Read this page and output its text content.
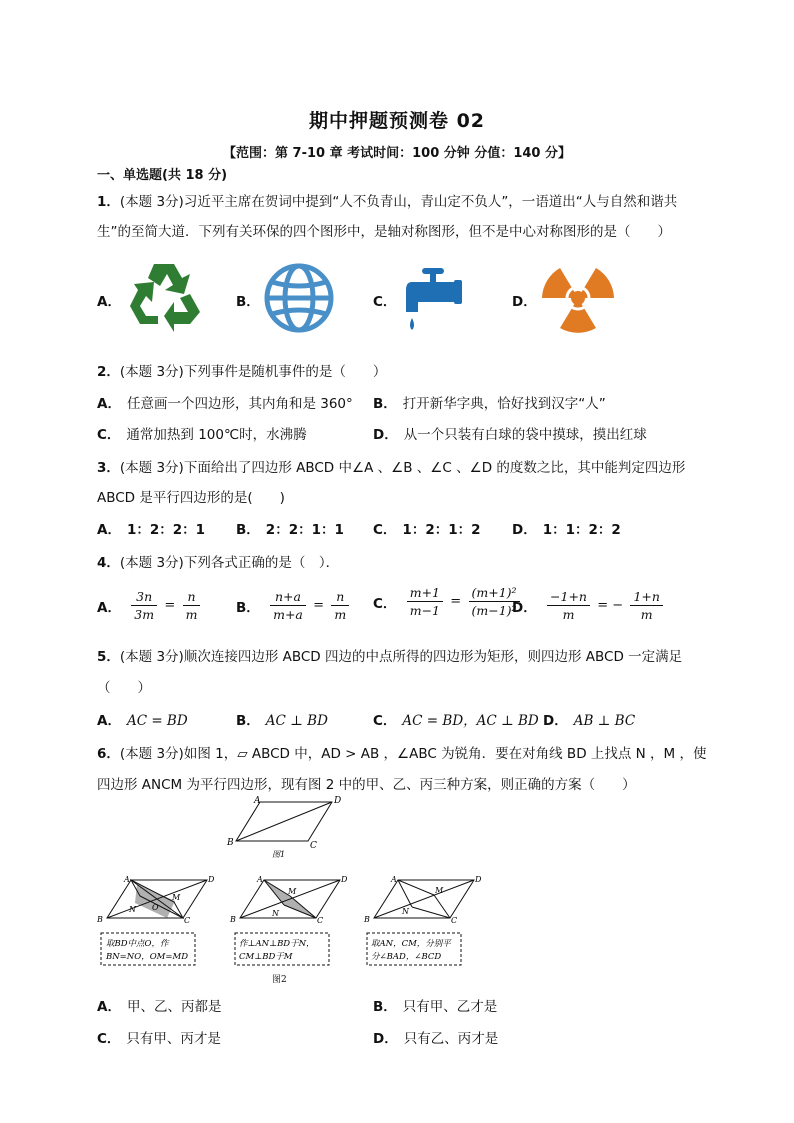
期中押题预测卷 02
【范围：第 7-10 章 考试时间：100 分钟 分值：140 分】
一、单选题(共 18 分)
1．(本题 3分)习近平主席在贺词中提到“人不负青山，青山定不负人”，一语道出“人与自然和谐共
生”的至简大道．下列有关环保的四个图形中，是轴对称图形，但不是中心对称图形的是（　　）
A．	B．	C．	D．
2．(本题 3分)下列事件是随机事件的是（　　）
A． 任意画一个四边形，其内角和是 360° B． 打开新华字典，恰好找到汉字“人”
C． 通常加热到 100℃时，水沸腾	D． 从一个只装有白球的袋中摸球，摸出红球
3．(本题 3分)下面给出了四边形 ABCD 中∠A 、∠B 、∠C 、∠D 的度数之比，其中能判定四边形
ABCD 是平行四边形的是(　　)
A． 1：2：2：1 B． 2：2：1：1 C． 1：2：1：2 D． 1：1：2：2
4．(本题 3分)下列各式正确的是（　）．
A． $\frac{3n}{3m} = \frac{n}{m}$	B． $\frac{n+a}{m+a} = \frac{n}{m}$ C． $\frac{m+1}{m-1} = \frac{\text{(m+1)²}}{\text{(m−1)²}}$
D． $\frac{-1+n}{m}$ = − $\frac{1+n}{m}$
5．(本题 3分)顺次连接四边形 ABCD 四边的中点所得的四边形为矩形，则四边形 ABCD 一定满足
（　　）
A． AC = BD	B． AC ⊥ BD	C． AC = BD，AC ⊥ BD D． AB ⊥ BC
6．(本题 3分)如图 1，▱ ABCD 中，AD > AB ，∠ABC 为锐角．要在对角线 BD 上找点 N ，M ，使
四边形 ANCM 为平行四边形，现有图 2 中的甲、乙、丙三种方案，则正确的方案（　　）
A	D
B	C
图1
A	D
B	C
N
M
O
A	D
B	C
N
M
A	D
B	C
N
M
取BD中点O，作
BN=NO，OM=MD
作⊥AN⊥BD于N，
CM⊥BD于M
取AN，CM，分别平
分∠BAD，∠BCD
图2
A． 甲、乙、丙都是	B． 只有甲、乙才是
C． 只有甲、丙才是	D． 只有乙、丙才是
